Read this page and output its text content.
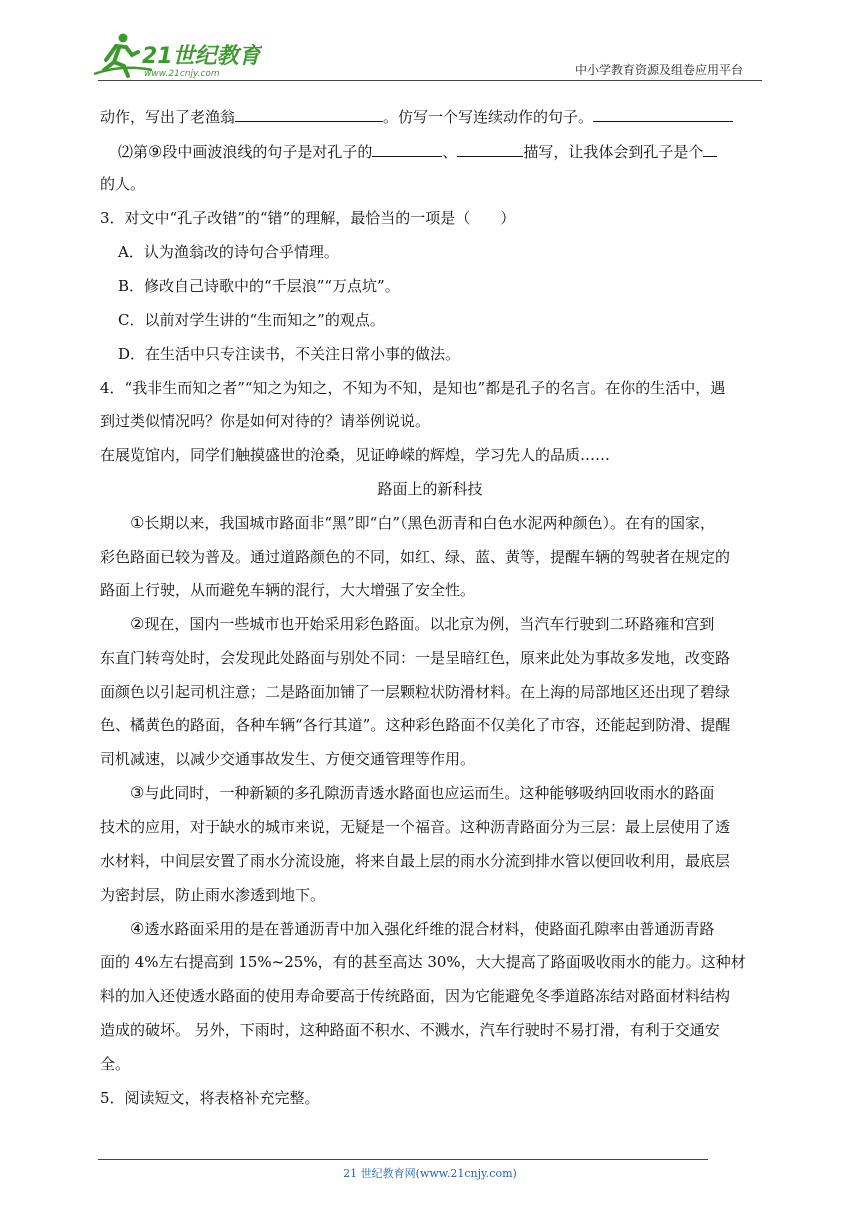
21世纪教育
www.21cnjy.com	中小学教育资源及组卷应用平台
动作，写出了老渔翁	。仿写一个写连续动作的句子。
⑵第⑨段中画波浪线的句子是对孔子的	、	描写，让我体会到孔子是个
的人。
3．对文中“孔子改错”的“错”的理解，最恰当的一项是（　　）
A．认为渔翁改的诗句合乎情理。
B．修改自己诗歌中的“千层浪”“万点坑”。
C．以前对学生讲的“生而知之”的观点。
D．在生活中只专注读书，不关注日常小事的做法。
4．“我非生而知之者”“知之为知之，不知为不知，是知也”都是孔子的名言。在你的生活中，遇
到过类似情况吗？你是如何对待的？请举例说说。
在展览馆内，同学们触摸盛世的沧桑，见证峥嵘的辉煌，学习先人的品质……
路面上的新科技
①长期以来，我国城市路面非“黑”即“白”（黑色沥青和白色水泥两种颜色）。在有的国家，
彩色路面已较为普及。通过道路颜色的不同，如红、绿、蓝、黄等，提醒车辆的驾驶者在规定的
路面上行驶，从而避免车辆的混行，大大增强了安全性。
②现在，国内一些城市也开始采用彩色路面。以北京为例，当汽车行驶到二环路雍和宫到
东直门转弯处时，会发现此处路面与别处不同：一是呈暗红色，原来此处为事故多发地，改变路
面颜色以引起司机注意；二是路面加铺了一层颗粒状防滑材料。在上海的局部地区还出现了碧绿
色、橘黄色的路面，各种车辆“各行其道”。这种彩色路面不仅美化了市容，还能起到防滑、提醒
司机减速，以减少交通事故发生、方便交通管理等作用。
③与此同时，一种新颖的多孔隙沥青透水路面也应运而生。这种能够吸纳回收雨水的路面
技术的应用，对于缺水的城市来说，无疑是一个福音。这种沥青路面分为三层：最上层使用了透
水材料，中间层安置了雨水分流设施，将来自最上层的雨水分流到排水管以便回收利用，最底层
为密封层，防止雨水渗透到地下。
④透水路面采用的是在普通沥青中加入强化纤维的混合材料，使路面孔隙率由普通沥青路
面的 4%左右提高到 15%~25%，有的甚至高达 30%，大大提高了路面吸收雨水的能力。这种材
料的加入还使透水路面的使用寿命要高于传统路面，因为它能避免冬季道路冻结对路面材料结构
造成的破坏。 另外，下雨时，这种路面不积水、不溅水，汽车行驶时不易打滑，有利于交通安
全。
5．阅读短文，将表格补充完整。
21 世纪教育网(www.21cnjy.com)
